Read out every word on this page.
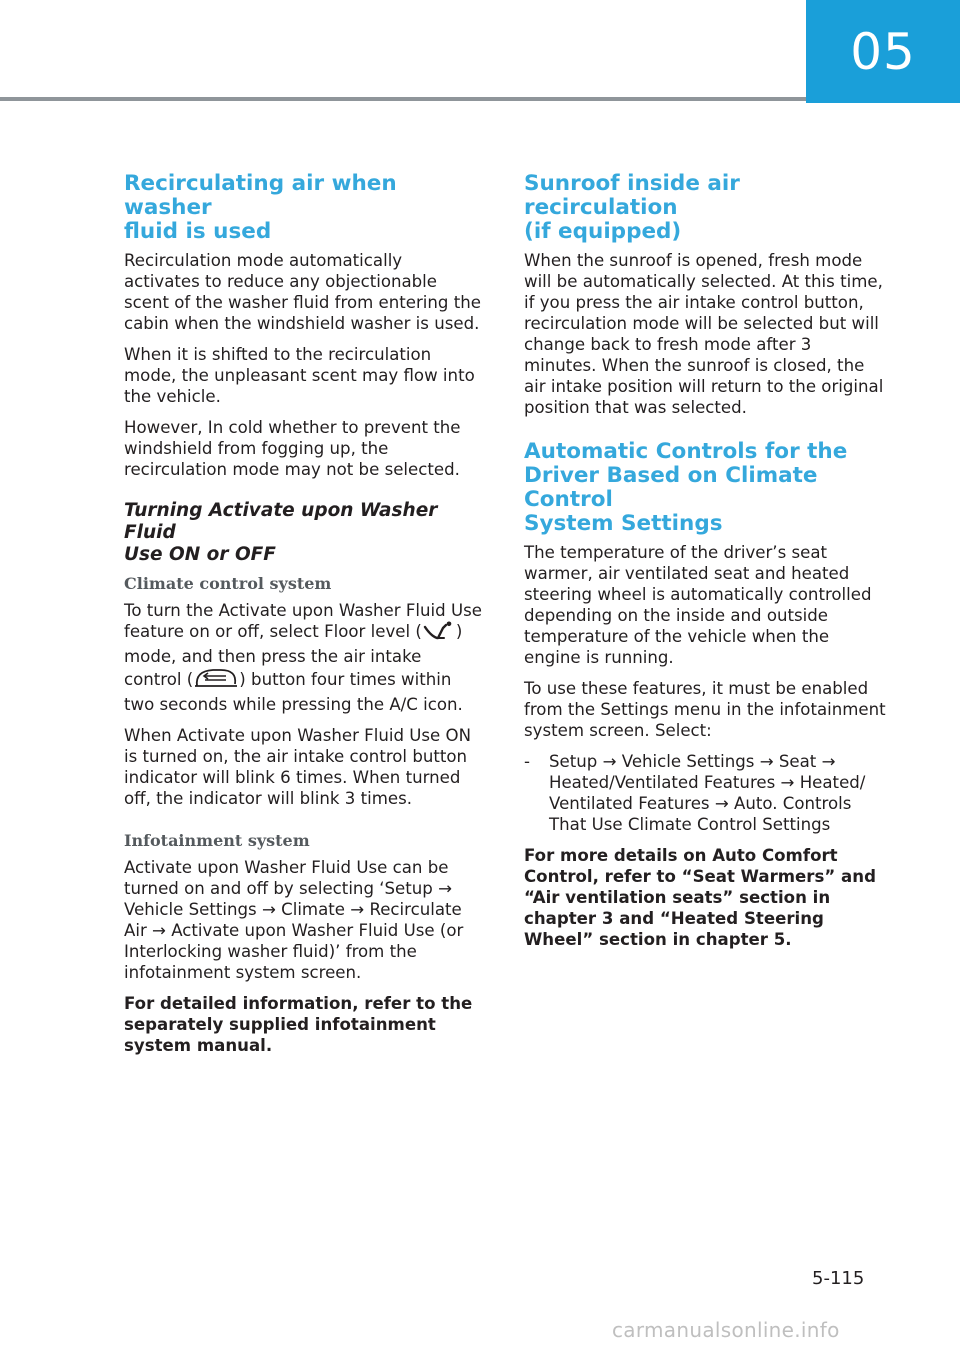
05
Recirculating air when washer
fluid is used

Recirculation mode automatically activates to reduce any objectionable scent of the washer fluid from entering the cabin when the windshield washer is used.

When it is shifted to the recirculation mode, the unpleasant scent may flow into the vehicle.

However, In cold whether to prevent the windshield from fogging up, the recirculation mode may not be selected.

Turning Activate upon Washer Fluid
Use ON or OFF
Climate control system

To turn the Activate upon Washer Fluid Use feature on or off, select Floor level ( ) mode, and then press the air intake control (	) button four times within two seconds while pressing the A/C icon.

When Activate upon Washer Fluid Use ON is turned on, the air intake control button indicator will blink 6 times. When turned off, the indicator will blink 3 times.

Infotainment system

Activate upon Washer Fluid Use can be turned on and off by selecting ‘Setup → Vehicle Settings → Climate → Recirculate Air → Activate upon Washer Fluid Use (or Interlocking washer fluid)’ from the infotainment system screen.

For detailed information, refer to the separately supplied infotainment system manual.

Sunroof inside air recirculation
(if equipped)

When the sunroof is opened, fresh mode will be automatically selected. At this time, if you press the air intake control button, recirculation mode will be selected but will change back to fresh mode after 3 minutes. When the sunroof is closed, the air intake position will return to the original position that was selected.

Automatic Controls for the
Driver Based on Climate Control
System Settings

The temperature of the driver’s seat warmer, air ventilated seat and heated steering wheel is automatically controlled depending on the inside and outside temperature of the vehicle when the engine is running.

To use these features, it must be enabled from the Settings menu in the infotainment system screen. Select:

-	Setup → Vehicle Settings → Seat → Heated/Ventilated Features → Heated/ Ventilated Features → Auto. Controls That Use Climate Control Settings

For more details on Auto Comfort Control, refer to “Seat Warmers” and “Air ventilation seats” section in chapter 3 and “Heated Steering Wheel” section in chapter 5.

5-115
carmanualsonline.info
